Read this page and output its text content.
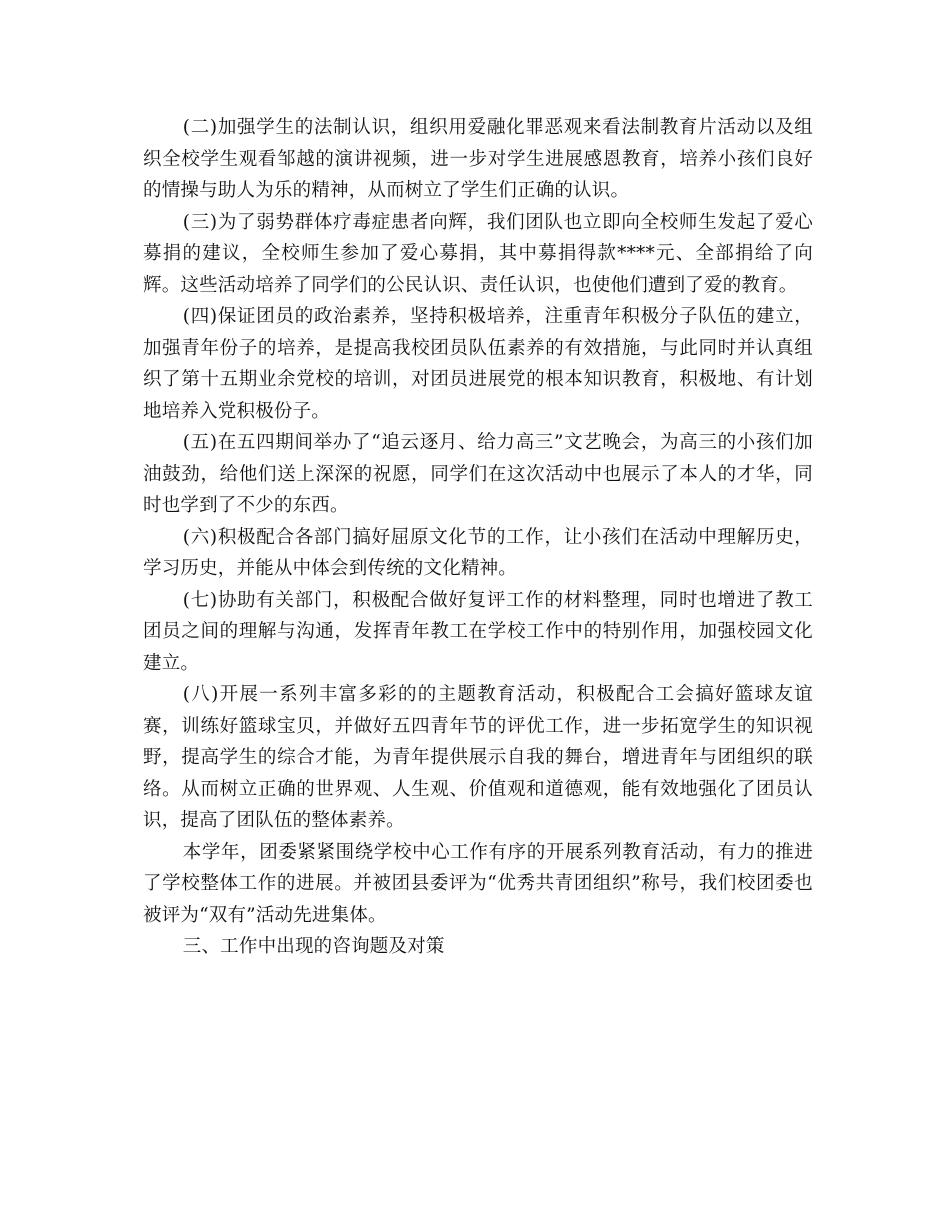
(二)加强学生的法制认识，组织用爱融化罪恶观来看法制教育片活动以及组织全校学生观看邹越的演讲视频，进一步对学生进展感恩教育，培养小孩们良好的情操与助人为乐的精神，从而树立了学生们正确的认识。

(三)为了弱势群体疗毒症患者向辉，我们团队也立即向全校师生发起了爱心募捐的建议，全校师生参加了爱心募捐，其中募捐得款****元、全部捐给了向辉。这些活动培养了同学们的公民认识、责任认识，也使他们遭到了爱的教育。

(四)保证团员的政治素养，坚持积极培养，注重青年积极分子队伍的建立，加强青年份子的培养，是提高我校团员队伍素养的有效措施，与此同时并认真组织了第十五期业余党校的培训，对团员进展党的根本知识教育，积极地、有计划地培养入党积极份子。

(五)在五四期间举办了“追云逐月、给力高三”文艺晚会，为高三的小孩们加油鼓劲，给他们送上深深的祝愿，同学们在这次活动中也展示了本人的才华，同时也学到了不少的东西。

(六)积极配合各部门搞好屈原文化节的工作，让小孩们在活动中理解历史，学习历史，并能从中体会到传统的文化精神。

(七)协助有关部门，积极配合做好复评工作的材料整理，同时也增进了教工团员之间的理解与沟通，发挥青年教工在学校工作中的特别作用，加强校园文化建立。

(八)开展一系列丰富多彩的的主题教育活动，积极配合工会搞好篮球友谊赛，训练好篮球宝贝，并做好五四青年节的评优工作，进一步拓宽学生的知识视野，提高学生的综合才能，为青年提供展示自我的舞台，增进青年与团组织的联络。从而树立正确的世界观、人生观、价值观和道德观，能有效地强化了团员认识，提高了团队伍的整体素养。

本学年，团委紧紧围绕学校中心工作有序的开展系列教育活动，有力的推进了学校整体工作的进展。并被团县委评为“优秀共青团组织”称号，我们校团委也被评为“双有”活动先进集体。

三、工作中出现的咨询题及对策
